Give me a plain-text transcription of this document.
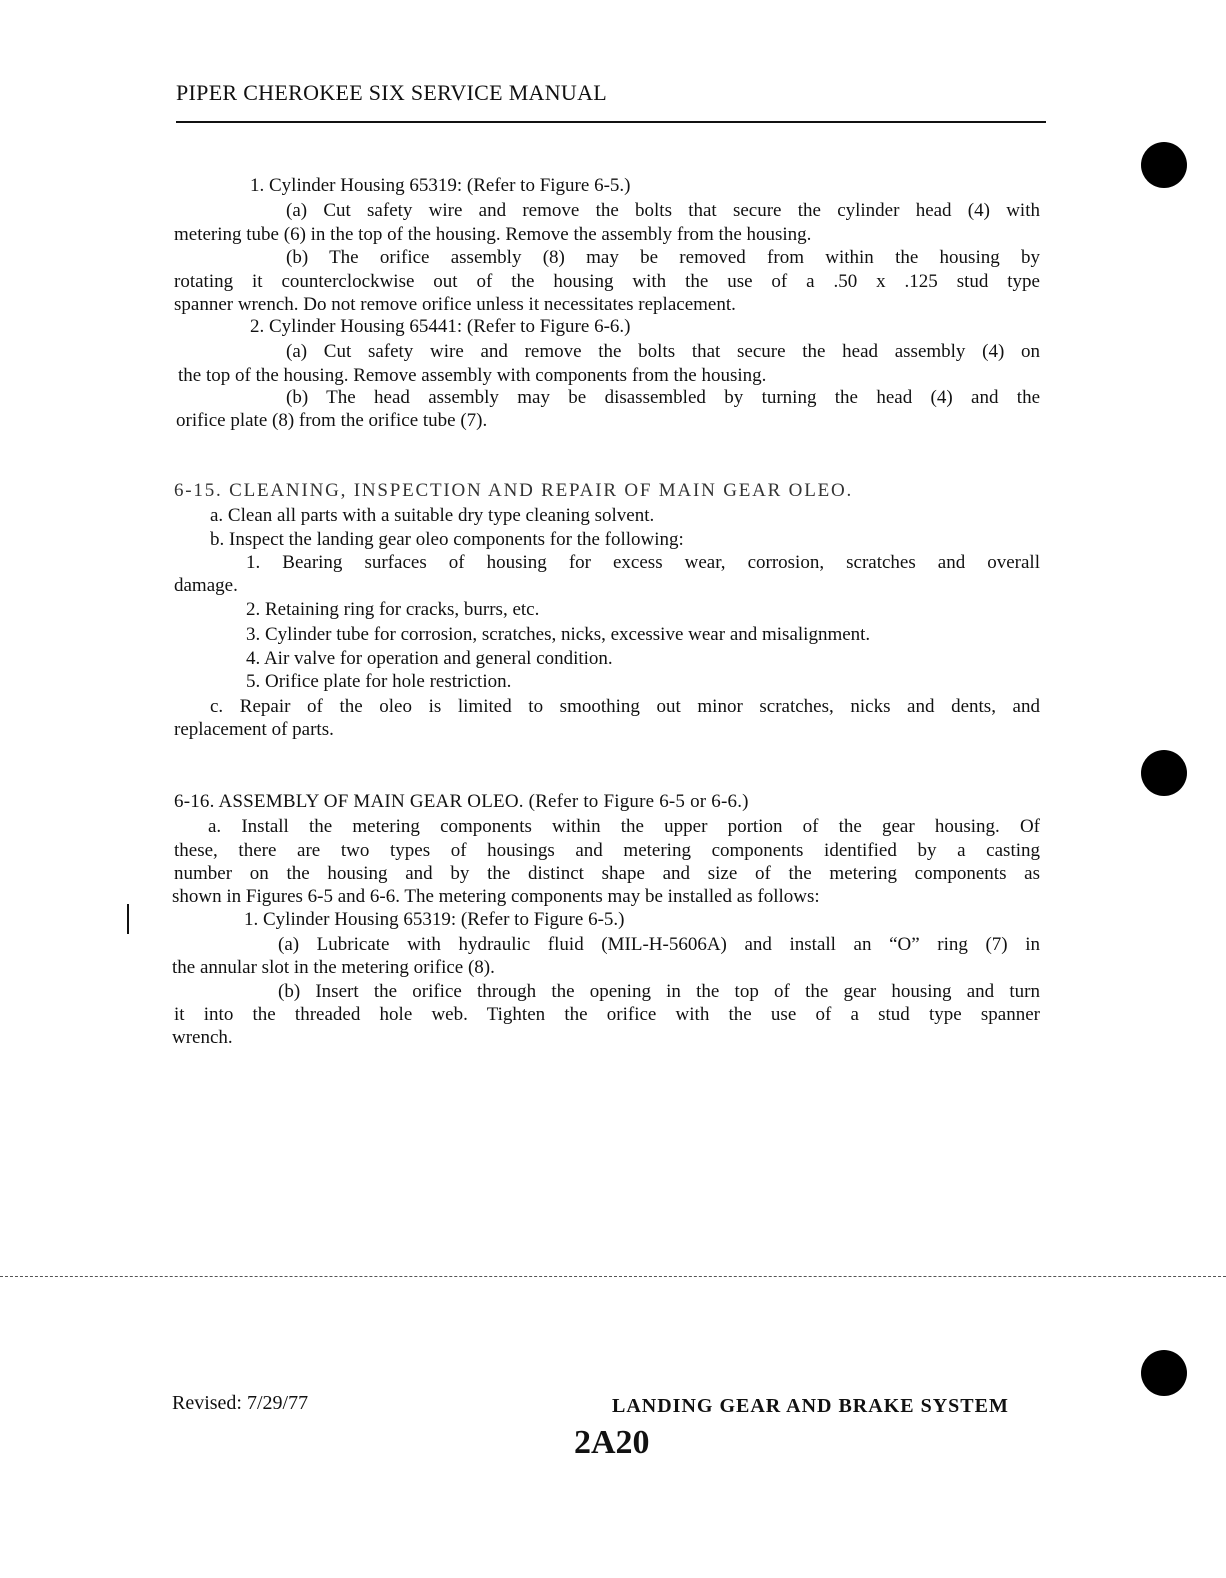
PIPER CHEROKEE SIX SERVICE MANUAL
1. Cylinder Housing 65319: (Refer to Figure 6-5.)
(a) Cut safety wire and remove the bolts that secure the cylinder head (4) with
metering tube (6) in the top of the housing. Remove the assembly from the housing.
(b) The orifice assembly (8) may be removed from within the housing by
rotating it counterclockwise out of the housing with the use of a .50 x .125 stud type
spanner wrench. Do not remove orifice unless it necessitates replacement.
2. Cylinder Housing 65441: (Refer to Figure 6-6.)
(a) Cut safety wire and remove the bolts that secure the head assembly (4) on
the top of the housing. Remove assembly with components from the housing.
(b) The head assembly may be disassembled by turning the head (4) and the
orifice plate (8) from the orifice tube (7).
6-15. CLEANING, INSPECTION AND REPAIR OF MAIN GEAR OLEO.
a. Clean all parts with a suitable dry type cleaning solvent.
b. Inspect the landing gear oleo components for the following:
1. Bearing surfaces of housing for excess wear, corrosion, scratches and overall
damage.
2. Retaining ring for cracks, burrs, etc.
3. Cylinder tube for corrosion, scratches, nicks, excessive wear and misalignment.
4. Air valve for operation and general condition.
5. Orifice plate for hole restriction.
c. Repair of the oleo is limited to smoothing out minor scratches, nicks and dents, and
replacement of parts.
6-16. ASSEMBLY OF MAIN GEAR OLEO. (Refer to Figure 6-5 or 6-6.)
a. Install the metering components within the upper portion of the gear housing. Of
these, there are two types of housings and metering components identified by a casting
number on the housing and by the distinct shape and size of the metering components as
shown in Figures 6-5 and 6-6. The metering components may be installed as follows:
1. Cylinder Housing 65319: (Refer to Figure 6-5.)
(a) Lubricate with hydraulic fluid (MIL-H-5606A) and install an “O” ring (7) in
the annular slot in the metering orifice (8).
(b) Insert the orifice through the opening in the top of the gear housing and turn
it into the threaded hole web. Tighten the orifice with the use of a stud type spanner
wrench.
Revised: 7/29/77	LANDING GEAR AND BRAKE SYSTEM
2A20
